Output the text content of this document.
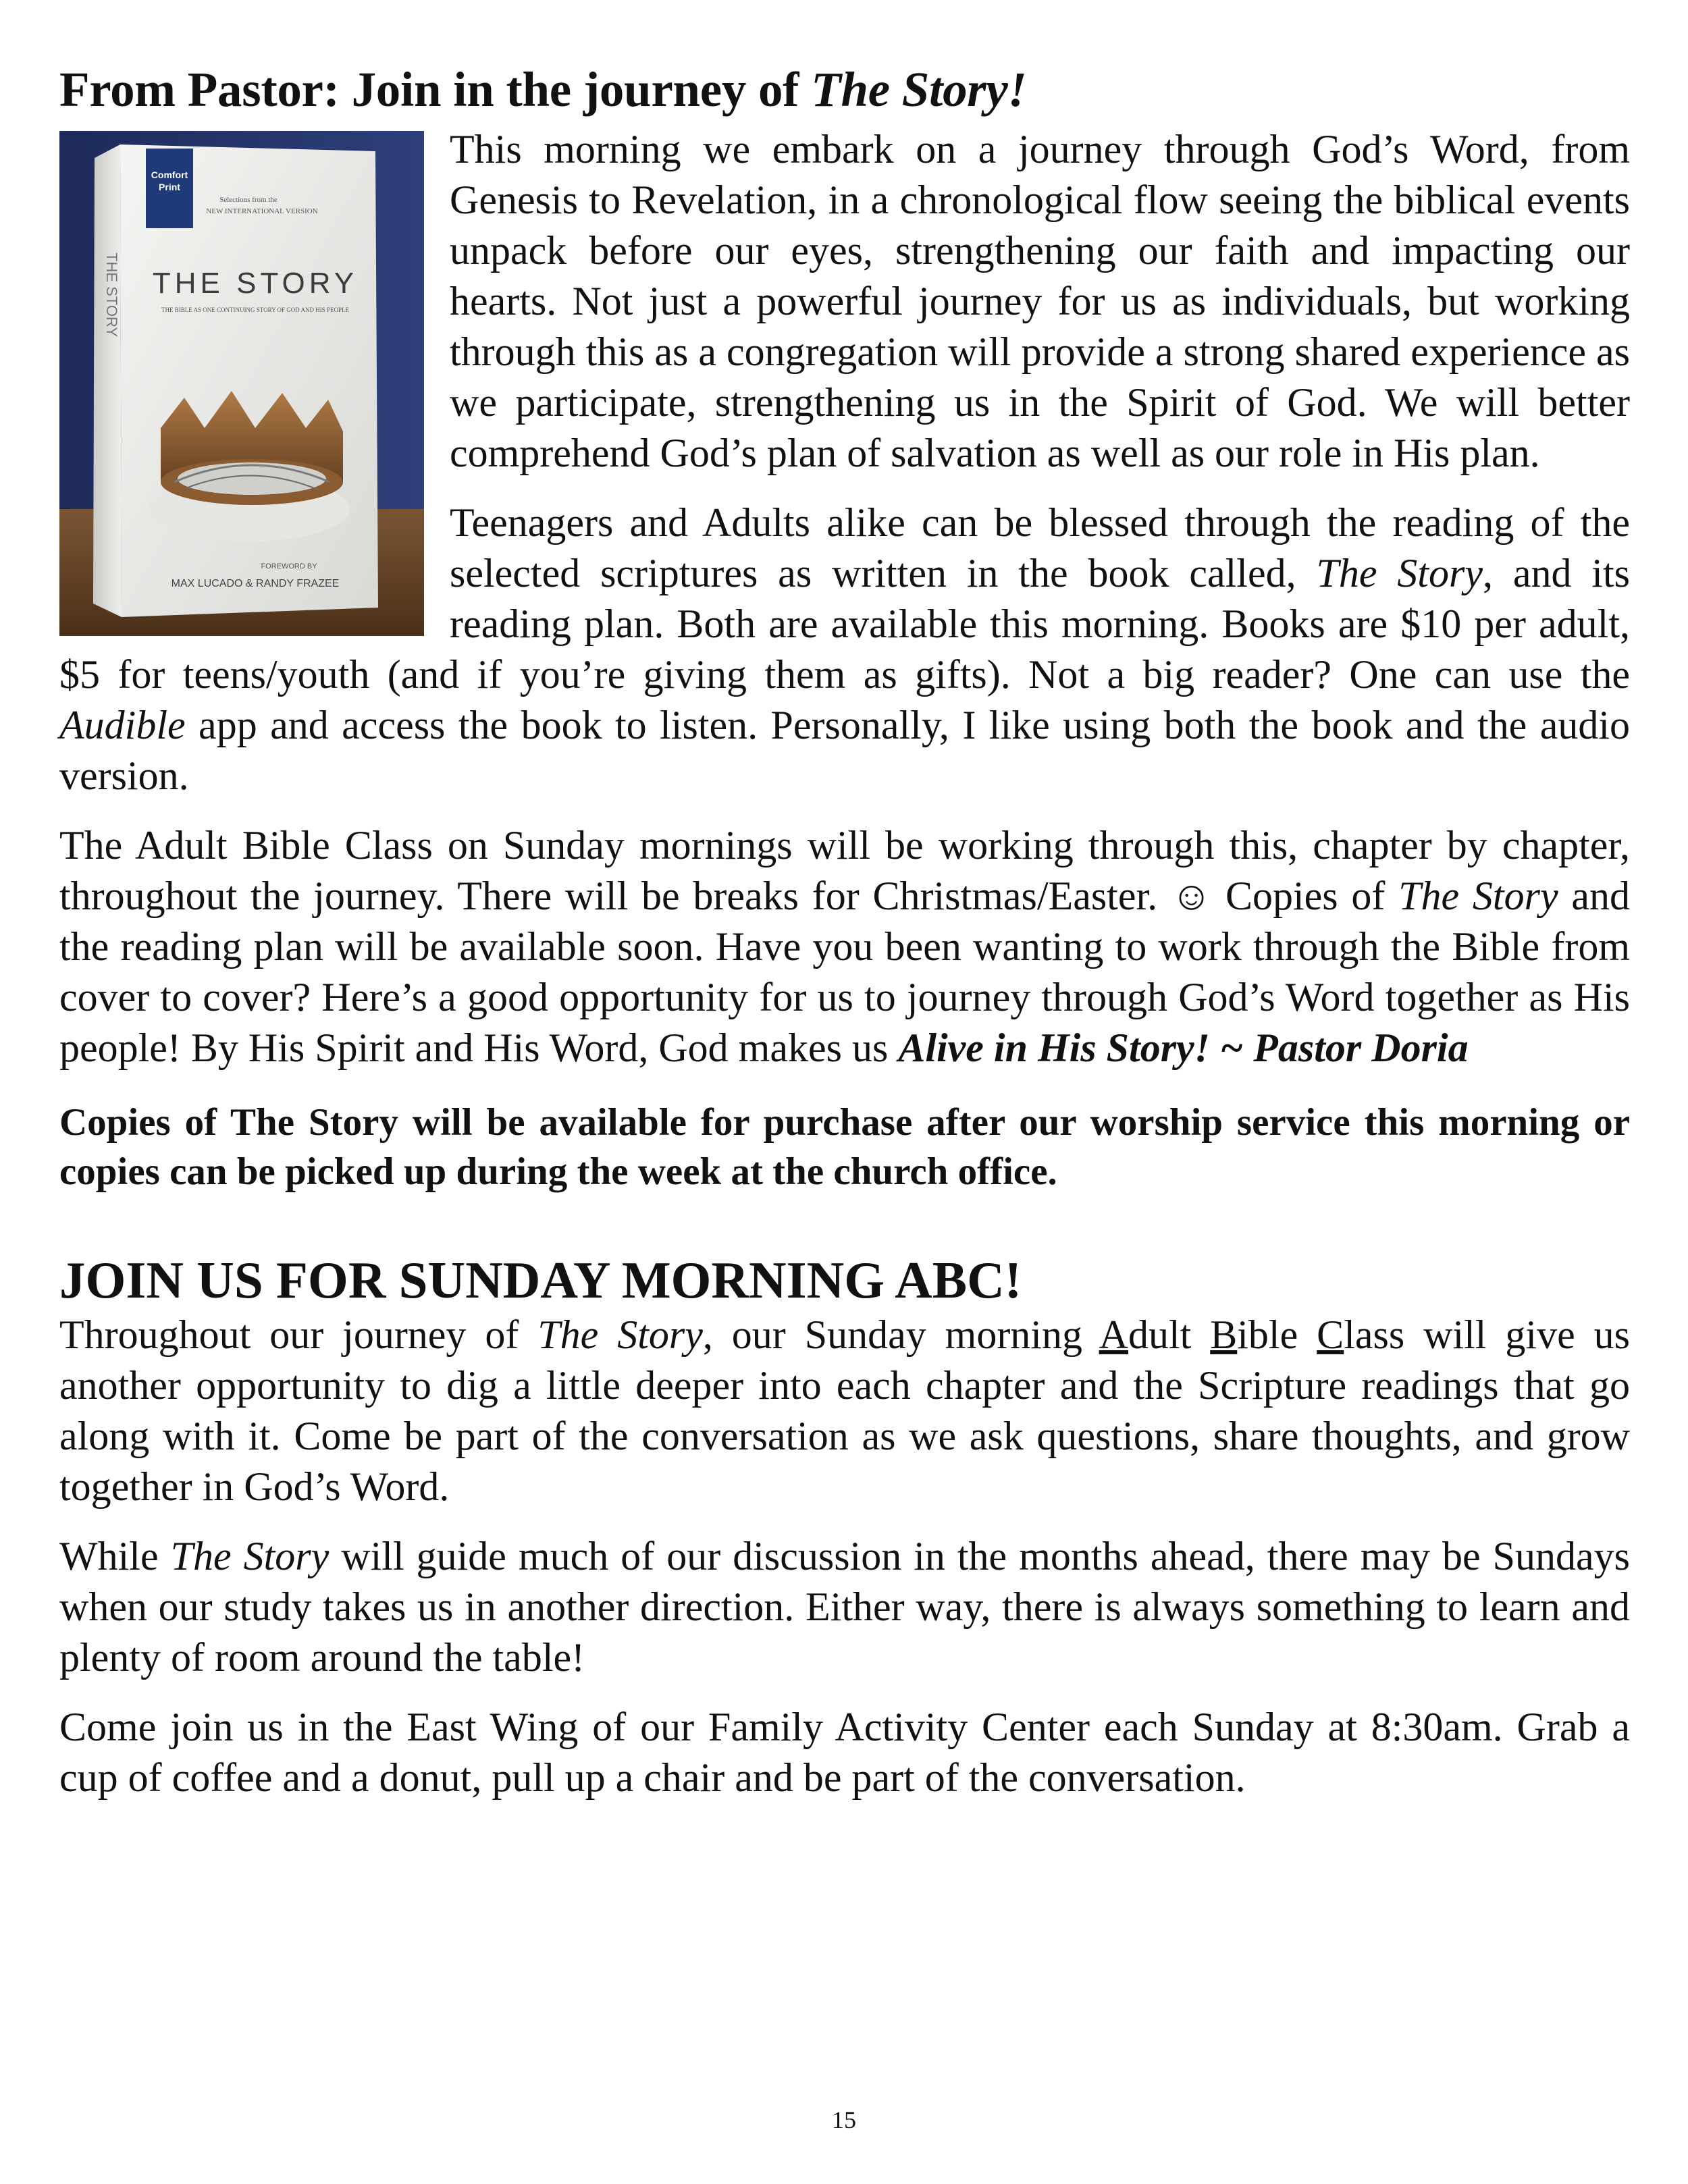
From Pastor: Join in the journey of The Story!
Comfort
Print
Selections from the
NEW INTERNATIONAL VERSION
THE STORY
THE BIBLE AS ONE CONTINUING STORY OF GOD AND HIS PEOPLE
FOREWORD BY
MAX LUCADO & RANDY FRAZEE
THE STORY

This morning we embark on a journey through God’s Word, from Genesis to Revelation, in a chronological flow seeing the biblical events unpack before our eyes, strengthening our faith and impacting our hearts. Not just a powerful journey for us as individuals, but working through this as a congregation will provide a strong shared experience as we participate, strengthening us in the Spirit of God. We will better comprehend God’s plan of salvation as well as our role in His plan.

Teenagers and Adults alike can be blessed through the reading of the selected scriptures as written in the book called, The Story, and its reading plan. Both are available this morning. Books are $10 per adult, $5 for teens/youth (and if you’re giving them as gifts). Not a big reader? One can use the Audible app and access the book to listen. Personally, I like using both the book and the audio version.

The Adult Bible Class on Sunday mornings will be working through this, chapter by chapter, throughout the journey. There will be breaks for Christmas/Easter. ☺ Copies of The Story and the reading plan will be available soon. Have you been wanting to work through the Bible from cover to cover? Here’s a good opportunity for us to journey through God’s Word together as His people! By His Spirit and His Word, God makes us Alive in His Story! ~ Pastor Doria

Copies of The Story will be available for purchase after our worship service this morning or copies can be picked up during the week at the church office.

JOIN US FOR SUNDAY MORNING ABC!

Throughout our journey of The Story, our Sunday morning Adult Bible Class will give us another opportunity to dig a little deeper into each chapter and the Scripture readings that go along with it. Come be part of the conversation as we ask questions, share thoughts, and grow together in God’s Word.

While The Story will guide much of our discussion in the months ahead, there may be Sundays when our study takes us in another direction. Either way, there is always something to learn and plenty of room around the table!

Come join us in the East Wing of our Family Activity Center each Sunday at 8:30am. Grab a cup of coffee and a donut, pull up a chair and be part of the conversation.

15
